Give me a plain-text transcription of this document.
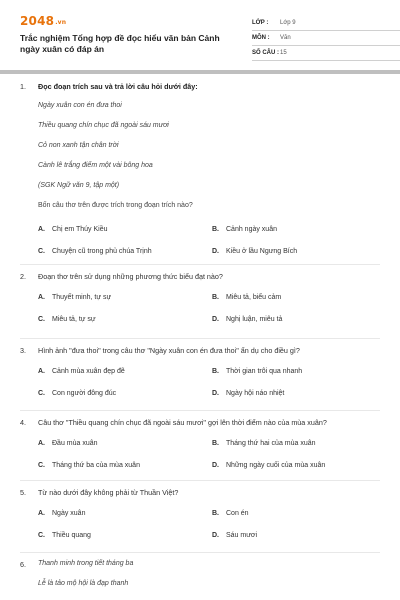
2048.vn
Trắc nghiệm Tổng hợp đề đọc hiểu văn bản Cảnh ngày xuân có đáp án
LỚP :	Lớp 9
MÔN :	Văn
SỐ CÂU : 15
1. Đọc đoạn trích sau và trả lời câu hỏi dưới đây:
Ngày xuân con én đưa thoi
Thiều quang chín chục đã ngoài sáu mươi
Cỏ non xanh tận chân trời
Cành lê trắng điểm một vài bông hoa
(SGK Ngữ văn 9, tập một)
Bốn câu thơ trên được trích trong đoạn trích nào?
A. Chị em Thúy Kiều	B. Cảnh ngày xuân
C. Chuyện cũ trong phủ chúa Trịnh	D. Kiều ở lầu Ngưng Bích
2. Đoạn thơ trên sử dụng những phương thức biểu đạt nào?
A. Thuyết minh, tự sự	B. Miêu tả, biểu cảm
C. Miêu tả, tự sự	D. Nghị luận, miêu tả
3. Hình ảnh "đưa thoi" trong câu thơ "Ngày xuân con én đưa thoi" ẩn dụ cho điều gì?
A. Cảnh mùa xuân đẹp đẽ	B. Thời gian trôi qua nhanh
C. Con người đông đúc	D. Ngày hội náo nhiệt
4. Câu thơ "Thiều quang chín chục đã ngoài sáu mươi" gợi lên thời điểm nào của mùa xuân?
A. Đầu mùa xuân	B. Tháng thứ hai của mùa xuân
C. Tháng thứ ba của mùa xuân	D. Những ngày cuối của mùa xuân
5. Từ nào dưới đây không phải từ Thuần Việt?
A. Ngày xuân	B. Con én
C. Thiều quang	D. Sáu mươi
6. Thanh minh trong tiết tháng ba
Lễ là tảo mộ hội là đạp thanh
